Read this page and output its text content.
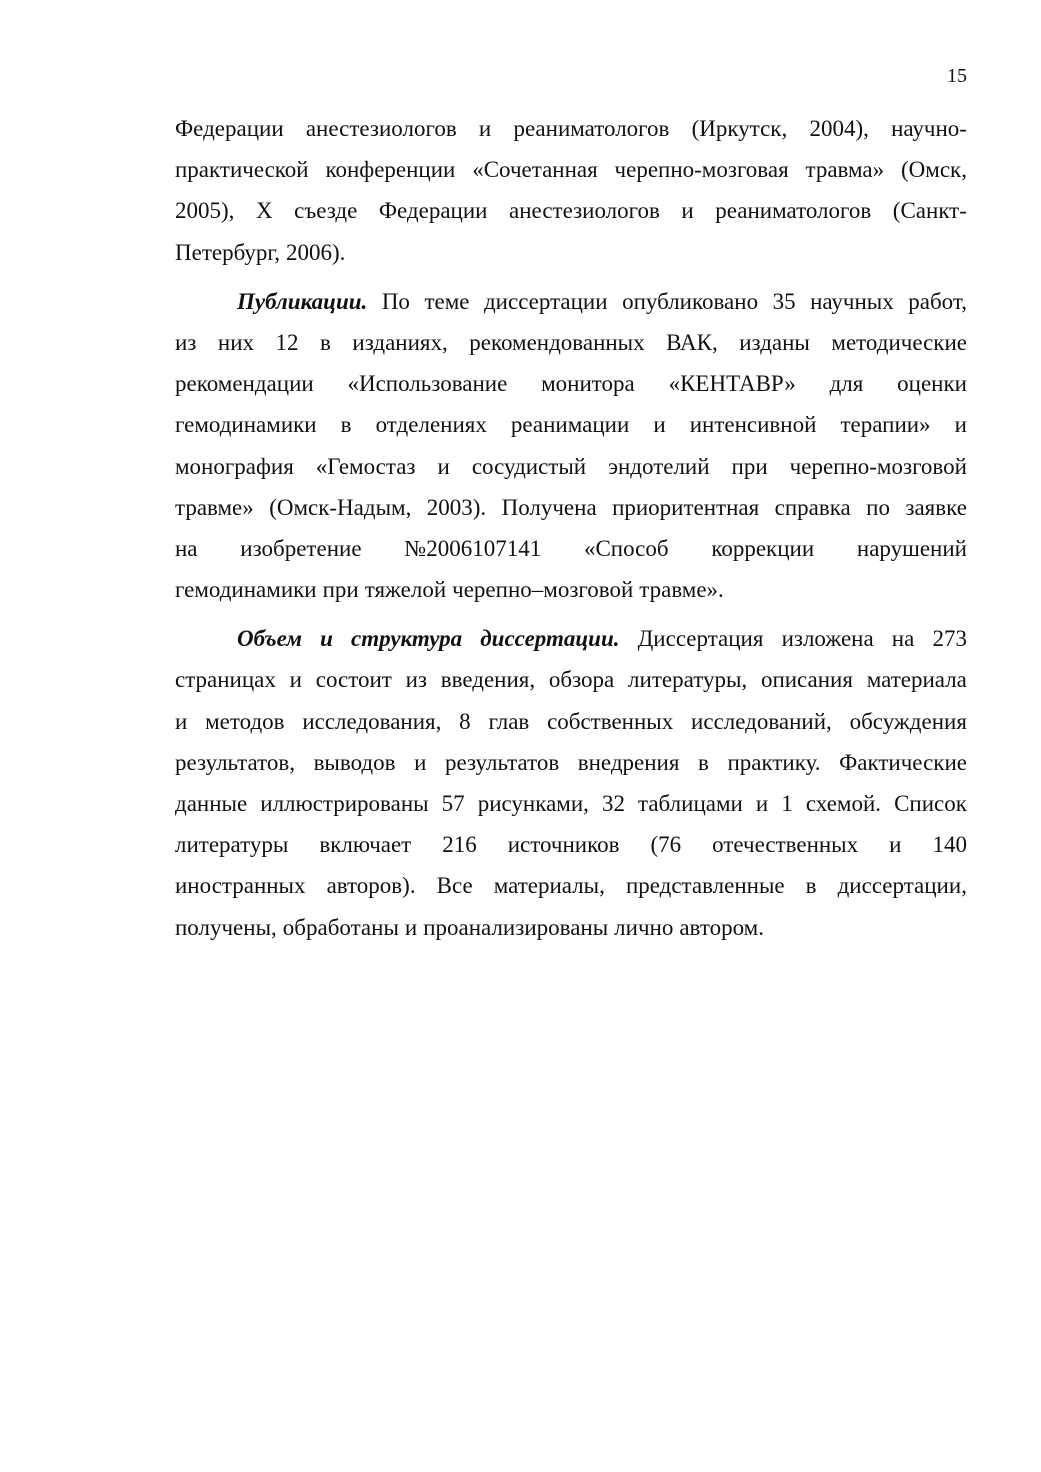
15
Федерации анестезиологов и реаниматологов (Иркутск, 2004), научно-
практической конференции «Сочетанная черепно-мозговая травма» (Омск,
2005), X съезде Федерации анестезиологов и реаниматологов (Санкт-
Петербург, 2006).
Публикации. По теме диссертации опубликовано 35 научных работ,
из них 12 в изданиях, рекомендованных ВАК, изданы методические
рекомендации «Использование монитора «КЕНТАВР» для оценки
гемодинамики в отделениях реанимации и интенсивной терапии» и
монография «Гемостаз и сосудистый эндотелий при черепно-мозговой
травме» (Омск-Надым, 2003). Получена приоритентная справка по заявке
на изобретение №2006107141 «Способ коррекции нарушений
гемодинамики при тяжелой черепно–мозговой травме».
Объем и структура диссертации. Диссертация изложена на 273
страницах и состоит из введения, обзора литературы, описания материала
и методов исследования, 8 глав собственных исследований, обсуждения
результатов, выводов и результатов внедрения в практику. Фактические
данные иллюстрированы 57 рисунками, 32 таблицами и 1 схемой. Список
литературы включает 216 источников (76 отечественных и 140
иностранных авторов). Все материалы, представленные в диссертации,
получены, обработаны и проанализированы лично автором.
